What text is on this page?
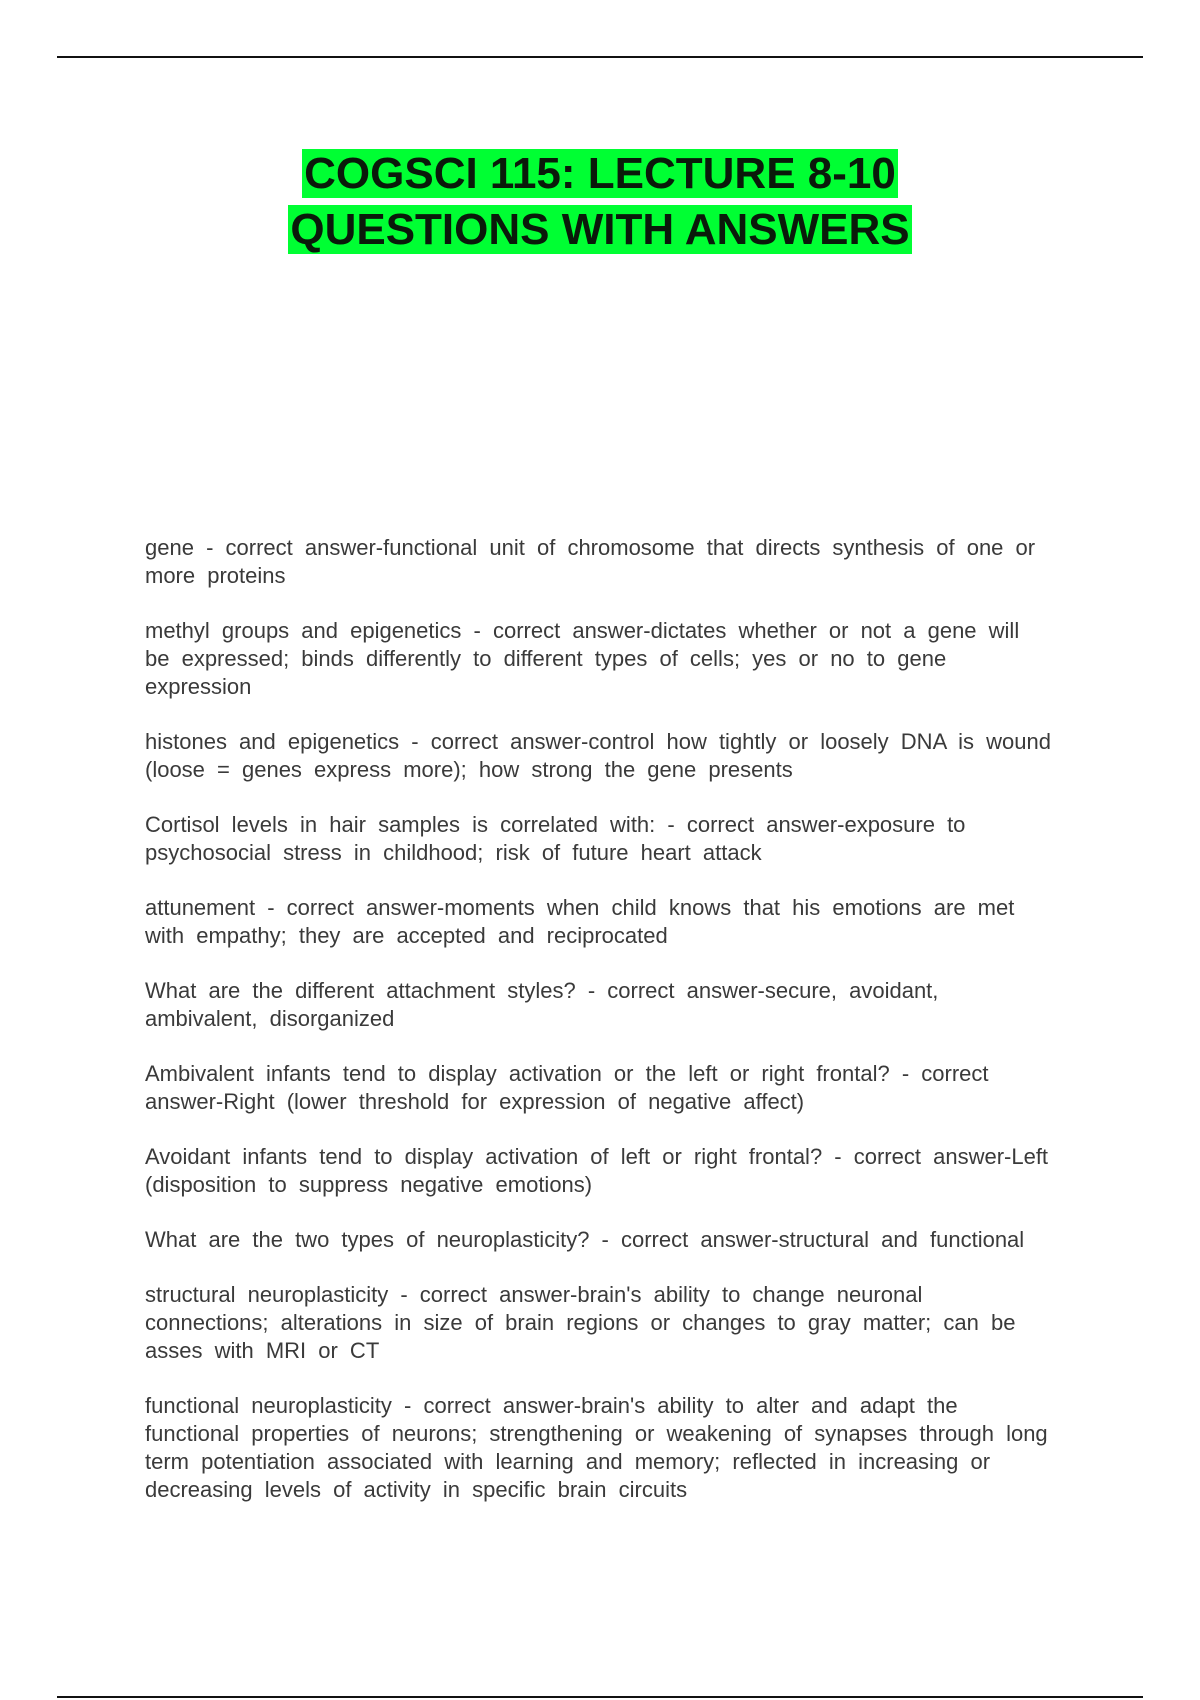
COGSCI 115: LECTURE 8-10
QUESTIONS WITH ANSWERS

gene - correct answer-functional unit of chromosome that directs synthesis of one or more proteins

methyl groups and epigenetics - correct answer-dictates whether or not a gene will be expressed; binds differently to different types of cells; yes or no to gene expression

histones and epigenetics - correct answer-control how tightly or loosely DNA is wound (loose = genes express more); how strong the gene presents

Cortisol levels in hair samples is correlated with: - correct answer-exposure to psychosocial stress in childhood; risk of future heart attack

attunement - correct answer-moments when child knows that his emotions are met with empathy; they are accepted and reciprocated

What are the different attachment styles? - correct answer-secure, avoidant, ambivalent, disorganized

Ambivalent infants tend to display activation or the left or right frontal? - correct answer-Right (lower threshold for expression of negative affect)

Avoidant infants tend to display activation of left or right frontal? - correct answer-Left (disposition to suppress negative emotions)

What are the two types of neuroplasticity? - correct answer-structural and functional

structural neuroplasticity - correct answer-brain's ability to change neuronal connections; alterations in size of brain regions or changes to gray matter; can be asses with MRI or CT

functional neuroplasticity - correct answer-brain's ability to alter and adapt the functional properties of neurons; strengthening or weakening of synapses through long term potentiation associated with learning and memory; reflected in increasing or decreasing levels of activity in specific brain circuits
